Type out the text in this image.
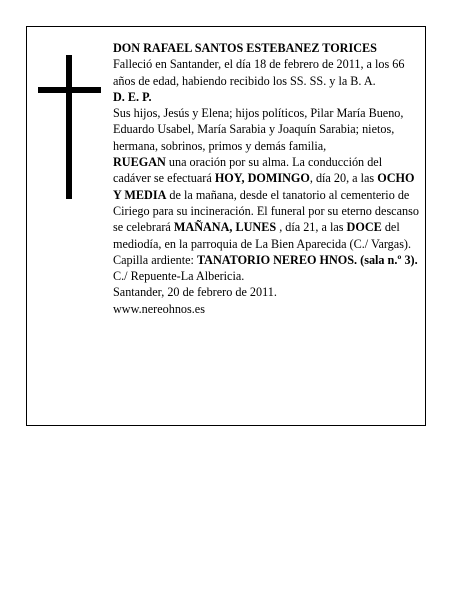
DON RAFAEL SANTOS ESTEBANEZ TORICES

Falleció en Santander, el día 18 de febrero de 2011, a los 66 años de edad, habiendo recibido los SS. SS. y la B. A.

D. E. P.

Sus hijos, Jesús y Elena; hijos políticos, Pilar María Bueno, Eduardo Usabel, María Sarabia y Joaquín Sarabia; nietos, hermana, sobrinos, primos y demás familia,

RUEGAN una oración por su alma. La conducción del cadáver se efectuará HOY, DOMINGO, día 20, a las OCHO Y MEDIA de la mañana, desde el tanatorio al cementerio de Ciriego para su incineración. El funeral por su eterno descanso se celebrará MAÑANA, LUNES , día 21, a las DOCE del mediodía, en la parroquia de La Bien Aparecida (C./ Vargas). Capilla ardiente: TANATORIO NEREO HNOS. (sala n.º 3). C./ Repuente-La Albericia.

Santander, 20 de febrero de 2011.

www.nereohnos.es
